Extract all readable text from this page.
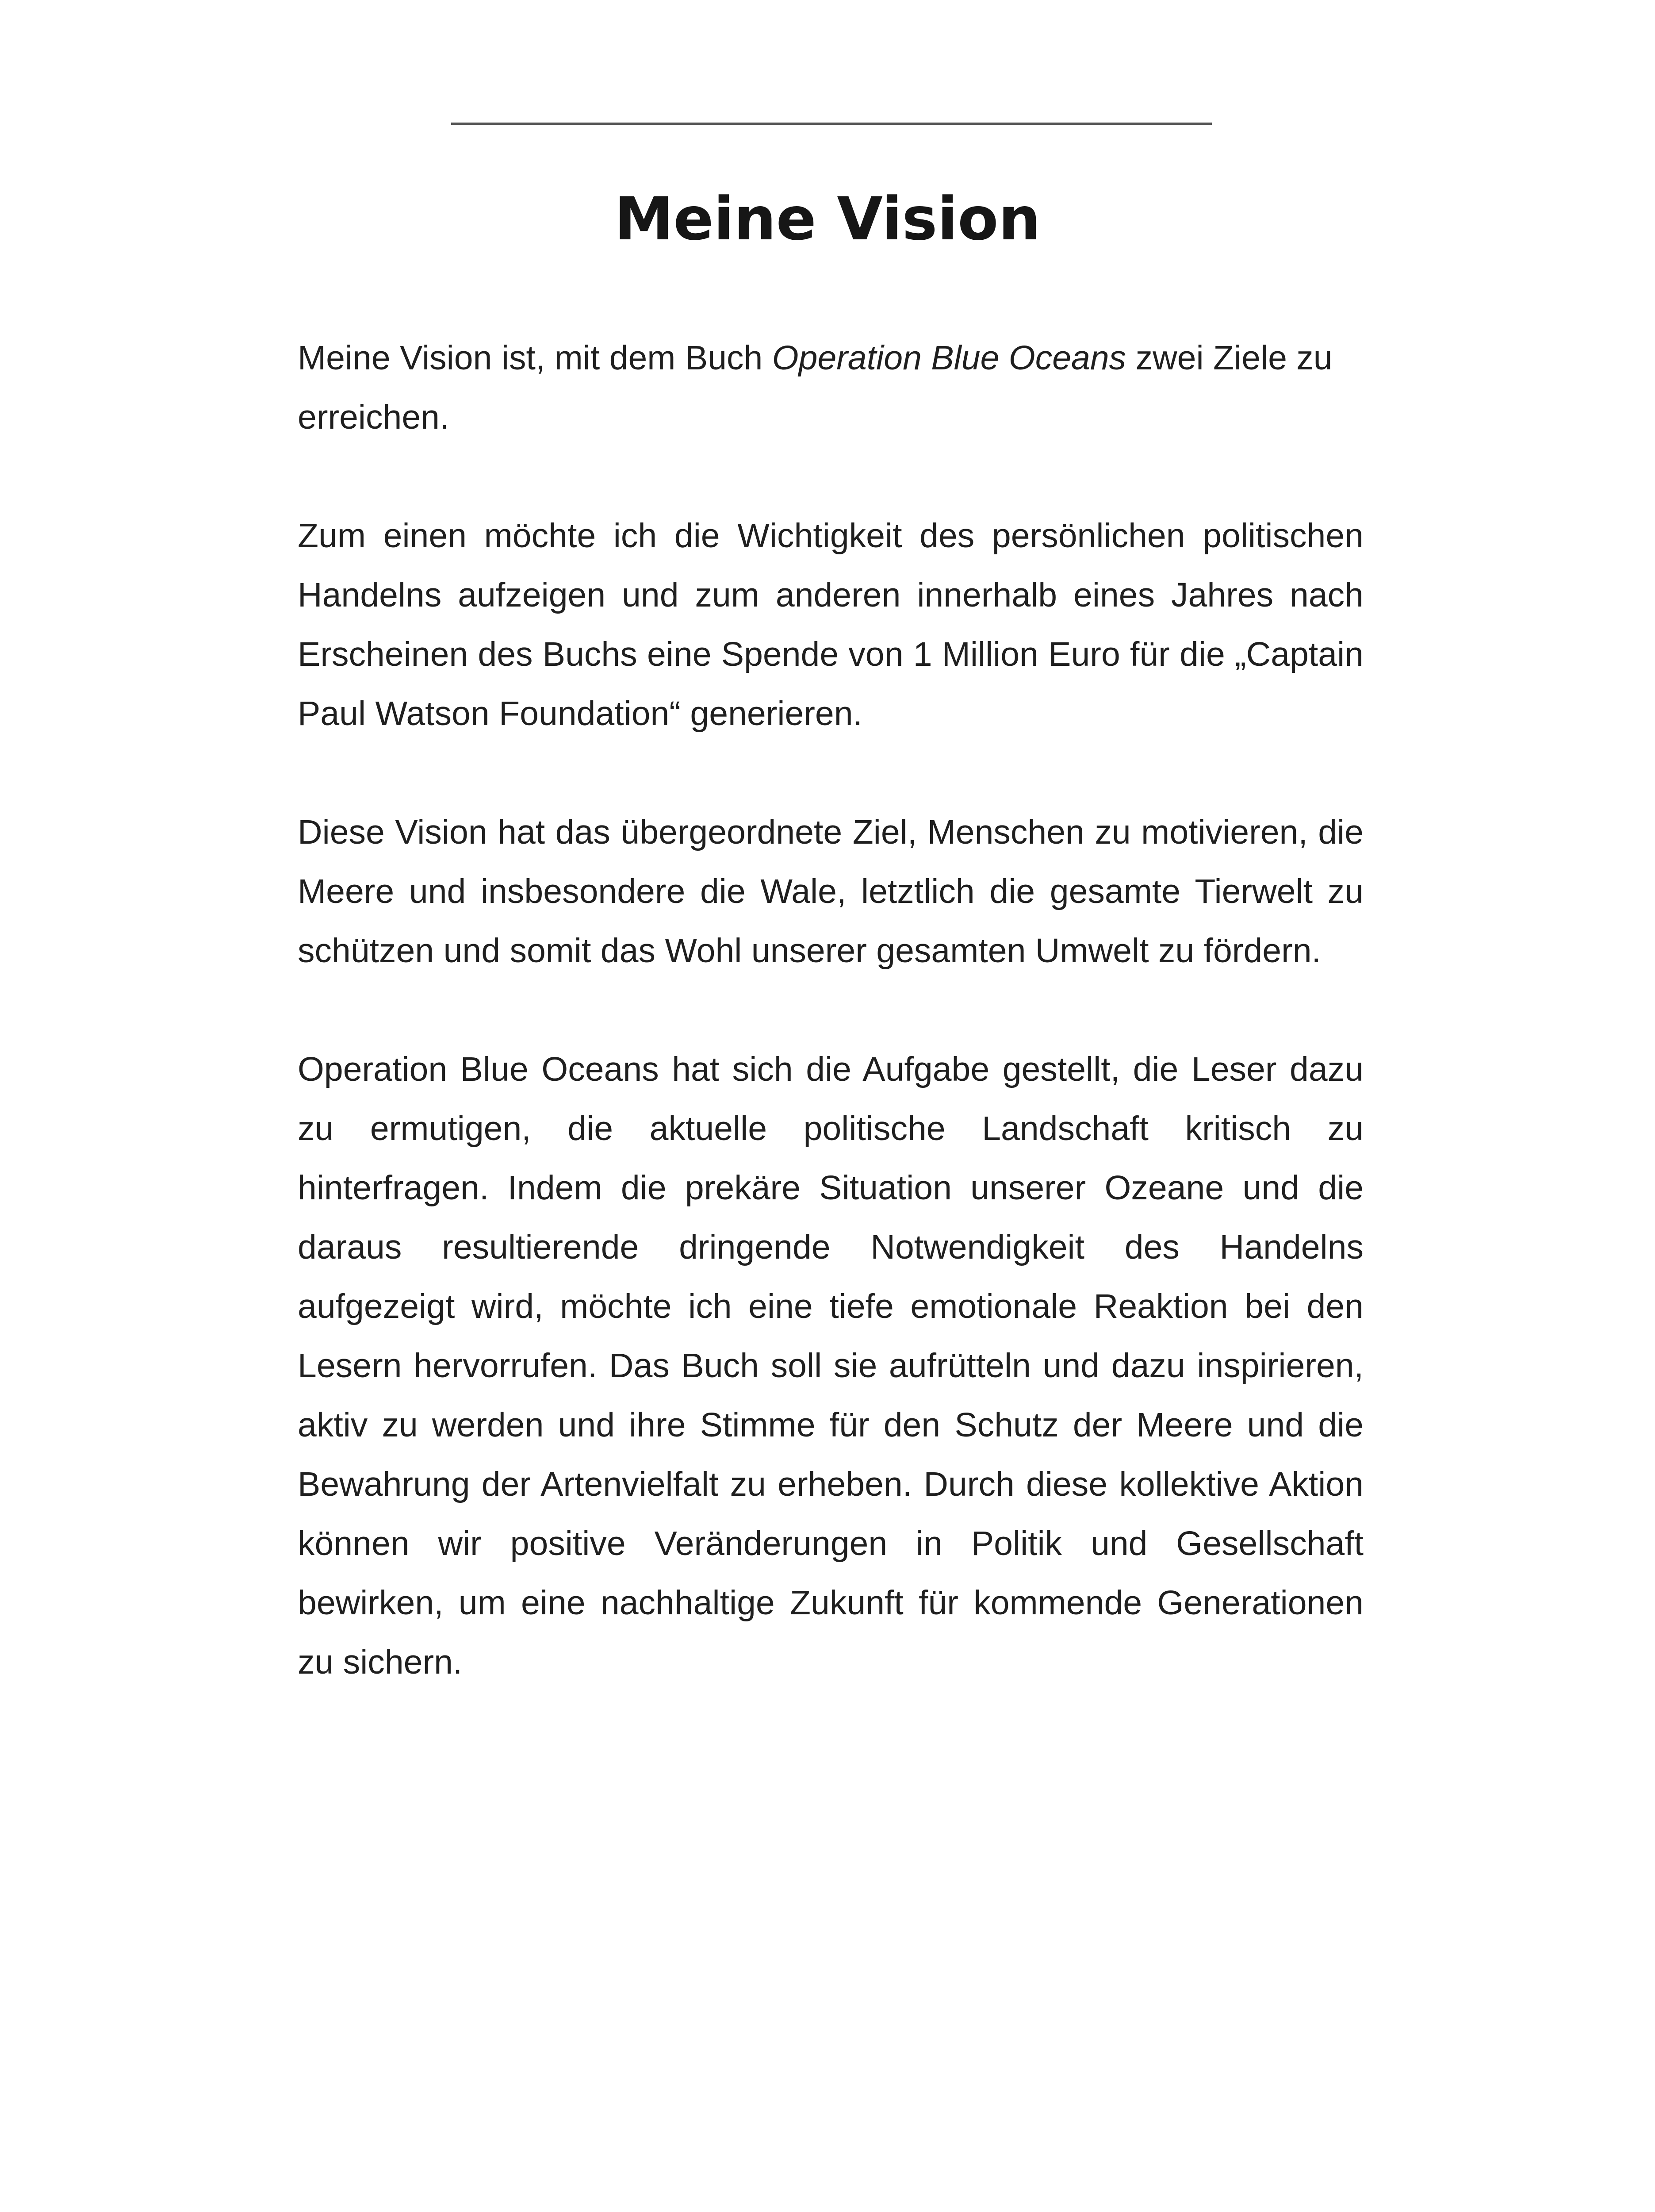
Meine Vision

Meine Vision ist, mit dem Buch Operation Blue Oceans zwei Ziele zu erreichen.

Zum einen möchte ich die Wichtigkeit des persönlichen politischen Handelns aufzeigen und zum anderen innerhalb eines Jahres nach Erscheinen des Buchs eine Spende von 1 Million Euro für die „Captain Paul Watson Foundation“ generieren.

Diese Vision hat das übergeordnete Ziel, Menschen zu motivieren, die Meere und insbesondere die Wale, letztlich die gesamte Tierwelt zu schützen und somit das Wohl unserer gesamten Umwelt zu fördern.

Operation Blue Oceans hat sich die Aufgabe gestellt, die Leser dazu zu ermutigen, die aktuelle politische Landschaft kritisch zu hinterfragen. Indem die prekäre Situation unserer Ozeane und die daraus resultierende dringende Notwendigkeit des Handelns aufgezeigt wird, möchte ich eine tiefe emotionale Reaktion bei den Lesern hervorrufen. Das Buch soll sie aufrütteln und dazu inspirieren, aktiv zu werden und ihre Stimme für den Schutz der Meere und die Bewahrung der Artenvielfalt zu erheben. Durch diese kollektive Aktion können wir positive Veränderungen in Politik und Gesellschaft bewirken, um eine nachhaltige Zukunft für kommende Generationen zu sichern.
